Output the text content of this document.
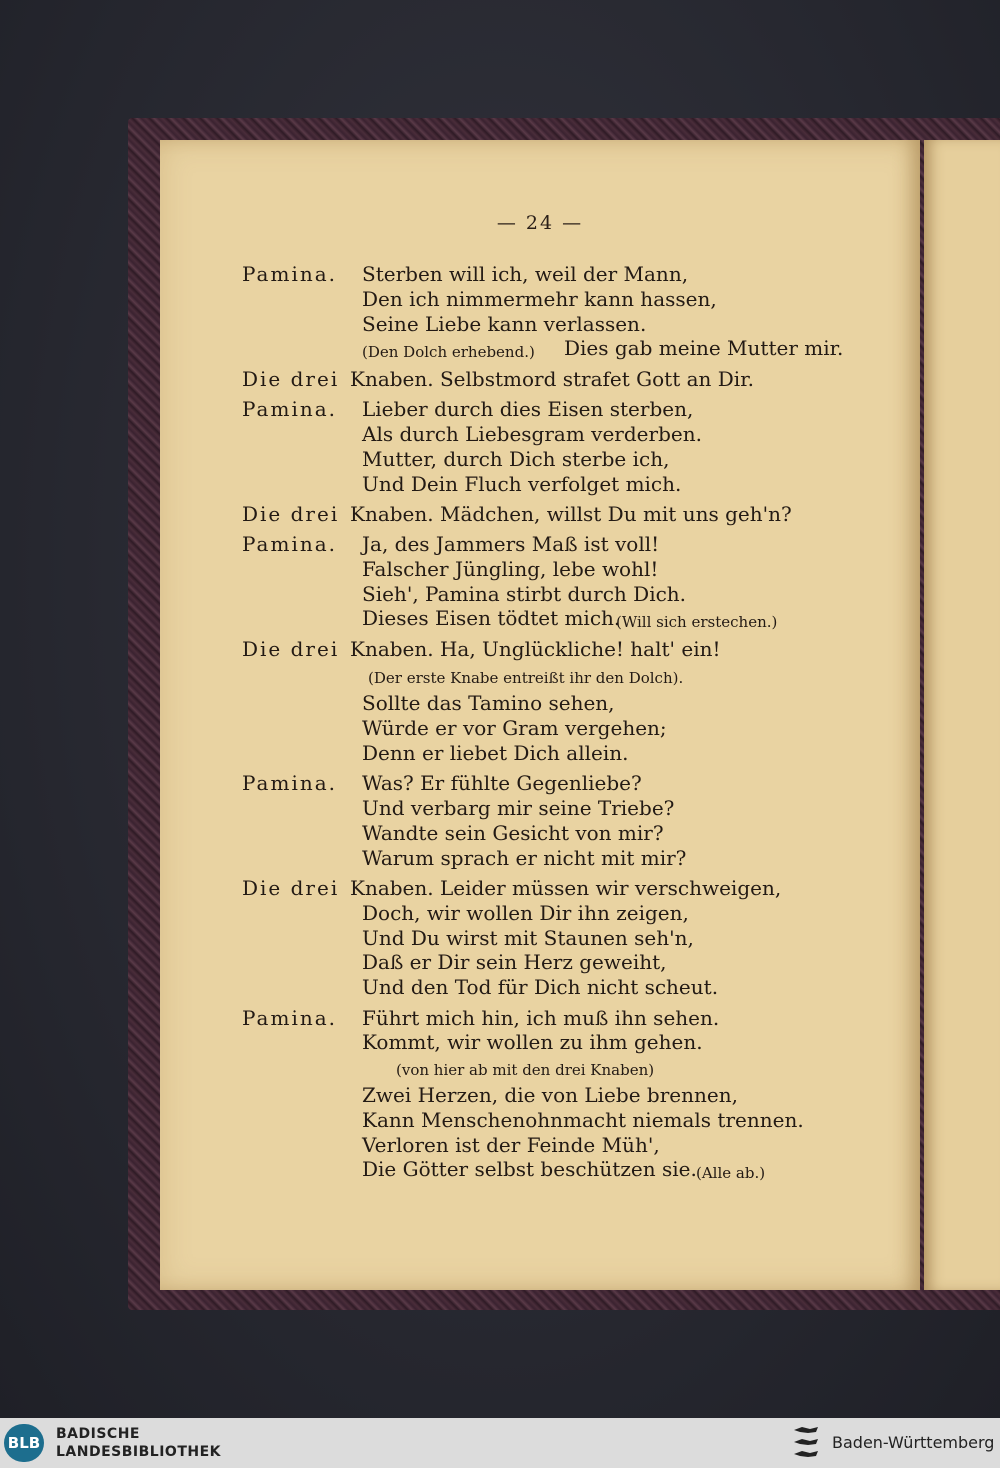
— 24 —
Pamina. Sterben will ich, weil der Mann,
Den ich nimmermehr kann hassen,
Seine Liebe kann verlassen.
(Den Dolch erhebend.) Dies gab meine Mutter mir.
Die drei Knaben. Selbstmord strafet Gott an Dir.
Pamina. Lieber durch dies Eisen sterben,
Als durch Liebesgram verderben.
Mutter, durch Dich sterbe ich,
Und Dein Fluch verfolget mich.
Die drei Knaben. Mädchen, willst Du mit uns geh'n?
Pamina. Ja, des Jammers Maß ist voll!
Falscher Jüngling, lebe wohl!
Sieh', Pamina stirbt durch Dich.
Dieses Eisen tödtet mich.
(Will sich erstechen.)
Die drei Knaben. Ha, Unglückliche! halt' ein!
(Der erste Knabe entreißt ihr den Dolch).
Sollte das Tamino sehen,
Würde er vor Gram vergehen;
Denn er liebet Dich allein.
Pamina. Was? Er fühlte Gegenliebe?
Und verbarg mir seine Triebe?
Wandte sein Gesicht von mir?
Warum sprach er nicht mit mir?
Die drei Knaben. Leider müssen wir verschweigen,
Doch, wir wollen Dir ihn zeigen,
Und Du wirst mit Staunen seh'n,
Daß er Dir sein Herz geweiht,
Und den Tod für Dich nicht scheut.
Pamina. Führt mich hin, ich muß ihn sehen.
Kommt, wir wollen zu ihm gehen.
(von hier ab mit den drei Knaben)
Zwei Herzen, die von Liebe brennen,
Kann Menschenohnmacht niemals trennen.
Verloren ist der Feinde Müh',
Die Götter selbst beschützen sie. (Alle ab.)
BLB BADISCHE
LANDESBIBLIOTHEK	Baden-Württemberg
